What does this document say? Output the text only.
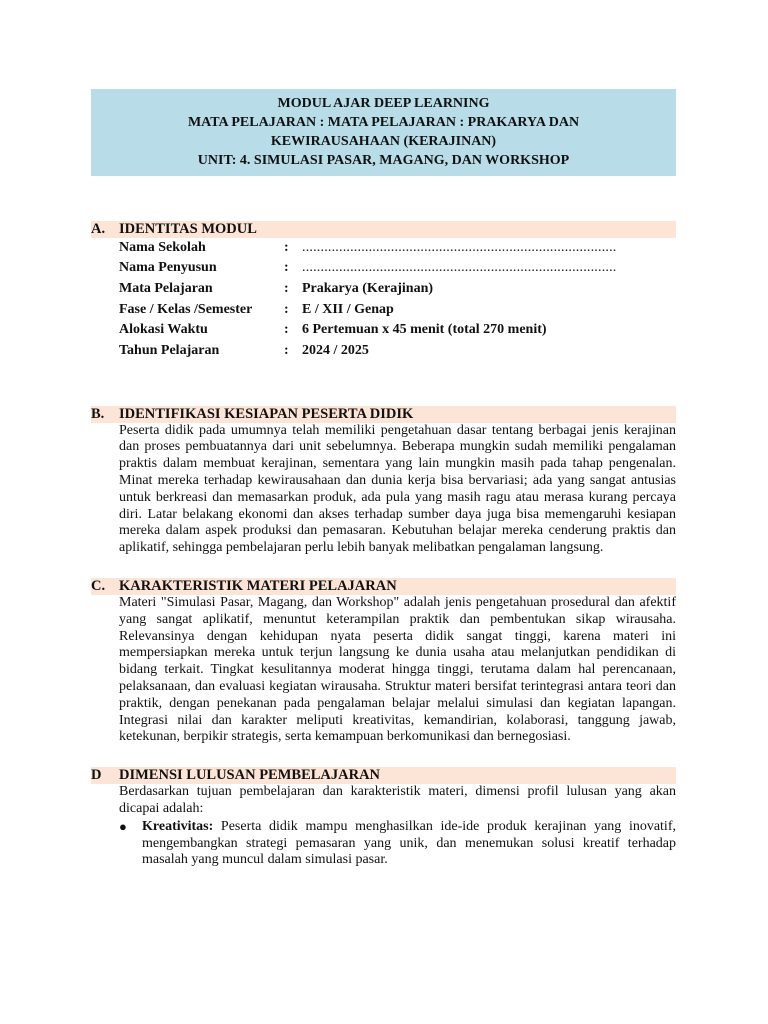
MODUL AJAR DEEP LEARNING
MATA PELAJARAN : MATA PELAJARAN : PRAKARYA DAN
KEWIRAUSAHAAN (KERAJINAN)
UNIT: 4. SIMULASI PASAR, MAGANG, DAN WORKSHOP
A. IDENTITAS MODUL
Nama Sekolah	:	.....................................................................................
Nama Penyusun	:	.....................................................................................
Mata Pelajaran	:	Prakarya (Kerajinan)
Fase / Kelas /Semester	:	E / XII / Genap
Alokasi Waktu	:	6 Pertemuan x 45 menit (total 270 menit)
Tahun Pelajaran	:	2024 / 2025
B.	IDENTIFIKASI KESIAPAN PESERTA DIDIK

Peserta didik pada umumnya telah memiliki pengetahuan dasar tentang berbagai jenis kerajinan dan proses pembuatannya dari unit sebelumnya. Beberapa mungkin sudah memiliki pengalaman praktis dalam membuat kerajinan, sementara yang lain mungkin masih pada tahap pengenalan. Minat mereka terhadap kewirausahaan dan dunia kerja bisa bervariasi; ada yang sangat antusias untuk berkreasi dan memasarkan produk, ada pula yang masih ragu atau merasa kurang percaya diri. Latar belakang ekonomi dan akses terhadap sumber daya juga bisa memengaruhi kesiapan mereka dalam aspek produksi dan pemasaran. Kebutuhan belajar mereka cenderung praktis dan aplikatif, sehingga pembelajaran perlu lebih banyak melibatkan pengalaman langsung.

C. KARAKTERISTIK MATERI PELAJARAN

Materi "Simulasi Pasar, Magang, dan Workshop" adalah jenis pengetahuan prosedural dan afektif yang sangat aplikatif, menuntut keterampilan praktik dan pembentukan sikap wirausaha. Relevansinya dengan kehidupan nyata peserta didik sangat tinggi, karena materi ini mempersiapkan mereka untuk terjun langsung ke dunia usaha atau melanjutkan pendidikan di bidang terkait. Tingkat kesulitannya moderat hingga tinggi, terutama dalam hal perencanaan, pelaksanaan, dan evaluasi kegiatan wirausaha. Struktur materi bersifat terintegrasi antara teori dan praktik, dengan penekanan pada pengalaman belajar melalui simulasi dan kegiatan lapangan. Integrasi nilai dan karakter meliputi kreativitas, kemandirian, kolaborasi, tanggung jawab, ketekunan, berpikir strategis, serta kemampuan berkomunikasi dan bernegosiasi.

D	DIMENSI LULUSAN PEMBELAJARAN

Berdasarkan tujuan pembelajaran dan karakteristik materi, dimensi profil lulusan yang akan dicapai adalah:

●	Kreativitas: Peserta didik mampu menghasilkan ide-ide produk kerajinan yang inovatif, mengembangkan strategi pemasaran yang unik, dan menemukan solusi kreatif terhadap masalah yang muncul dalam simulasi pasar.
